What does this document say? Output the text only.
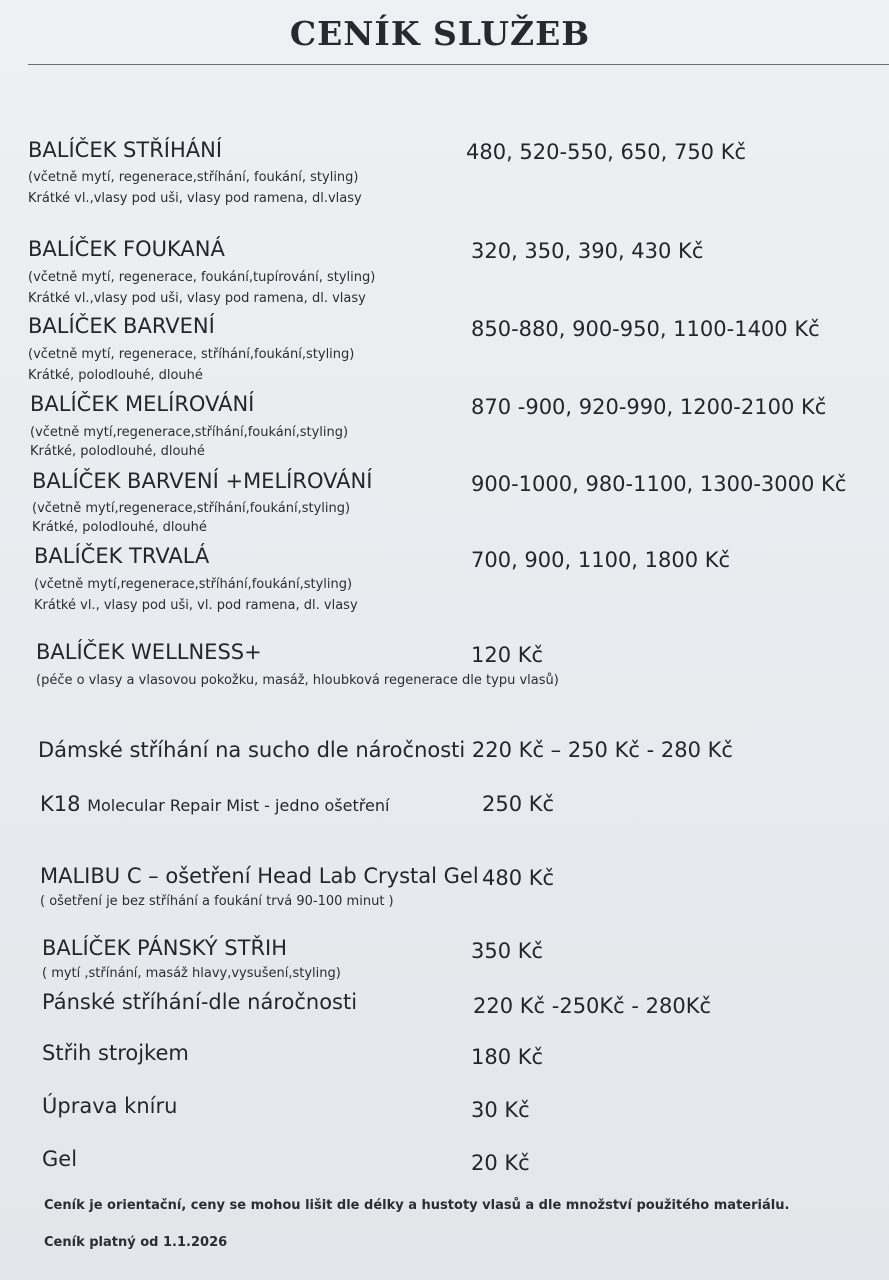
CENÍK SLUŽEB
BALÍČEK STŘÍHÁNÍ	480, 520-550, 650, 750 Kč
(včetně mytí, regenerace,stříhání, foukání, styling)
Krátké vl.,vlasy pod uši, vlasy pod ramena, dl.vlasy
BALÍČEK FOUKANÁ	320, 350, 390, 430 Kč
(včetně mytí, regenerace, foukání,tupírování, styling)
Krátké vl.,vlasy pod uši, vlasy pod ramena, dl. vlasy
BALÍČEK BARVENÍ	850-880, 900-950, 1100-1400 Kč
(včetně mytí, regenerace, stříhání,foukání,styling)
Krátké, polodlouhé, dlouhé
BALÍČEK MELÍROVÁNÍ	870 -900, 920-990, 1200-2100 Kč
(včetně mytí,regenerace,stříhání,foukání,styling)
Krátké, polodlouhé, dlouhé
BALÍČEK BARVENÍ +MELÍROVÁNÍ	900-1000, 980-1100, 1300-3000 Kč
(včetně mytí,regenerace,stříhání,foukání,styling)
Krátké, polodlouhé, dlouhé
BALÍČEK TRVALÁ	700, 900, 1100, 1800 Kč
(včetně mytí,regenerace,stříhání,foukání,styling)
Krátké vl., vlasy pod uši, vl. pod ramena, dl. vlasy
BALÍČEK WELLNESS+	120 Kč
(péče o vlasy a vlasovou pokožku, masáž, hloubková regenerace dle typu vlasů)
Dámské stříhání na sucho dle náročnosti 220 Kč – 250 Kč - 280 Kč
K18 Molecular Repair Mist - jedno ošetření	250 Kč
MALIBU C – ošetření Head Lab Crystal Gel 480 Kč
( ošetření je bez stříhání a foukání trvá 90-100 minut )
BALÍČEK PÁNSKÝ STŘIH	350 Kč
( mytí ,střínání, masáž hlavy,vysušení,styling)
Pánské stříhání-dle náročnosti	220 Kč -250Kč - 280Kč
Střih strojkem	180 Kč
Úprava kníru	30 Kč
Gel	20 Kč
Ceník je orientační, ceny se mohou lišit dle délky a hustoty vlasů a dle množství použitého materiálu.
Ceník platný od 1.1.2026
